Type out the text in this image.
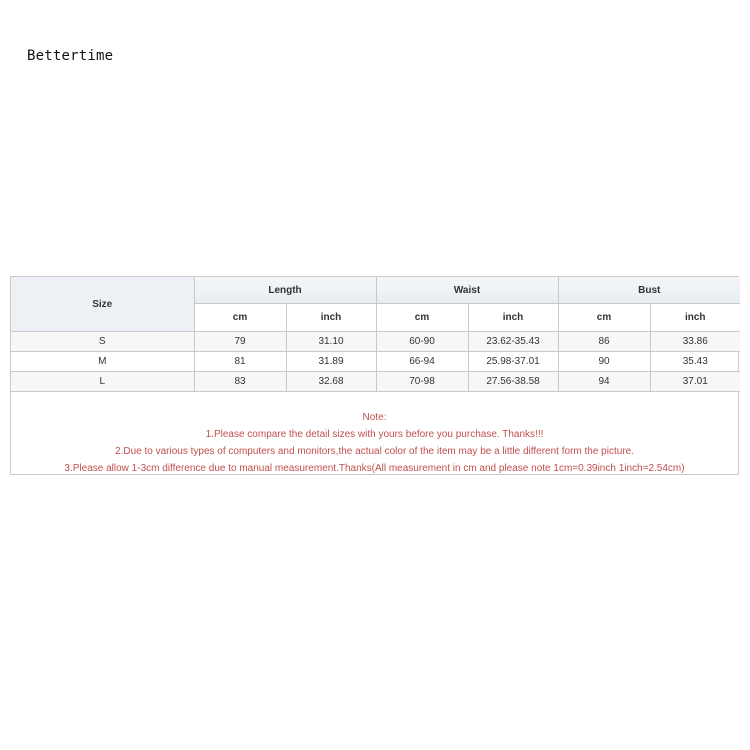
Bettertime
Size	Length		Waist		Bust	
	cm	inch	cm	inch	cm	inch
S	79	31.10	60-90	23.62-35.43	86	33.86
M	81	31.89	66-94	25.98-37.01	90	35.43
L	83	32.68	70-98	27.56-38.58	94	37.01
Note:
1.Please compare the detail sizes with yours before you purchase. Thanks!!!
2.Due to various types of computers and monitors,the actual color of the item may be a little different form the picture.
3.Please allow 1-3cm difference due to manual measurement.Thanks(All measurement in cm and please note 1cm=0.39inch 1inch=2.54cm)
